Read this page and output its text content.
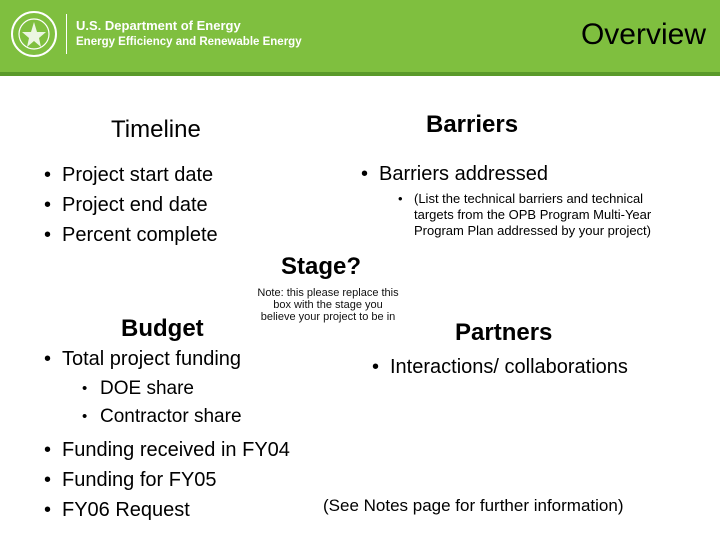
U.S. Department of Energy
Energy Efficiency and Renewable Energy	Overview
Timeline
• Project start date
• Project end date
• Percent complete
Barriers
• Barriers addressed
• (List the technical barriers and technical targets from the OPB Program Multi-Year Program Plan addressed by your project)
Stage?
Note: this please replace this box with the stage you believe your project to be in
Budget
• Total project funding
• DOE share
• Contractor share
• Funding received in FY04
• Funding for FY05
• FY06 Request
Partners
• Interactions/ collaborations
(See Notes page for further information)
